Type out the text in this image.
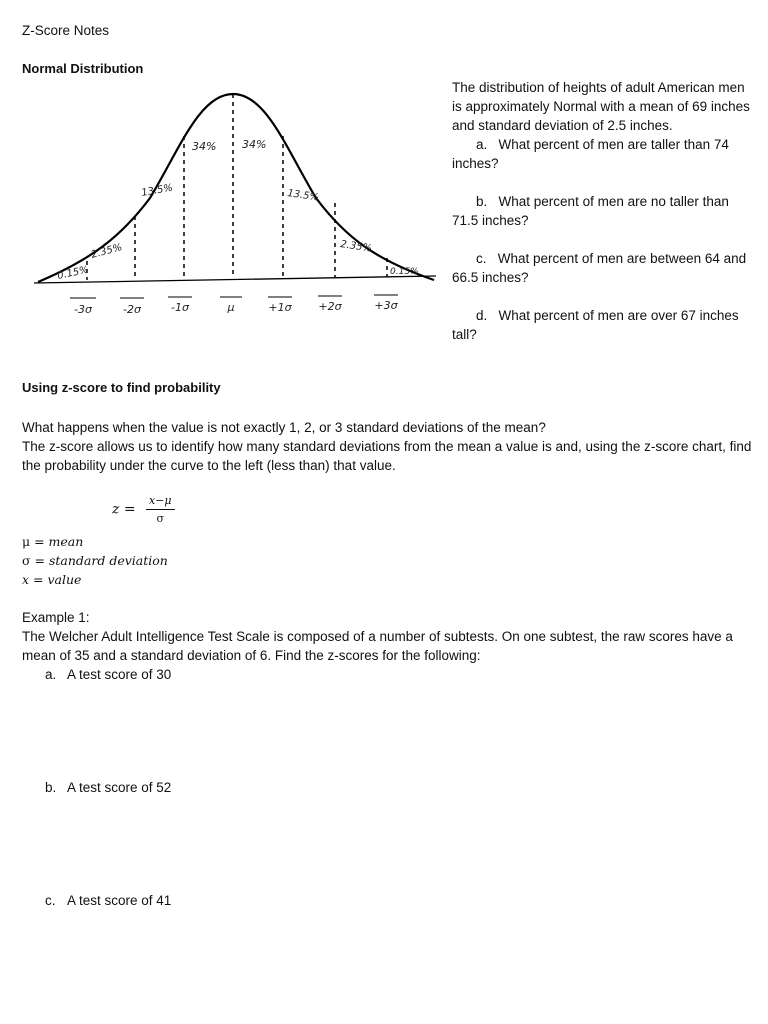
Z-Score Notes
Normal Distribution
0.15%
2.35%
13.5%
34% 34%
13.5%
2.35%
0.15%
-3σ	-2σ	-1σ	μ	+1σ +2σ	+3σ
The distribution of heights of adult American men is approximately Normal with a mean of 69 inches and standard deviation of 2.5 inches.
a. What percent of men are taller than 74 inches?
b. What percent of men are no taller than 71.5 inches?
c. What percent of men are between 64 and 66.5 inches?
d. What percent of men are over 67 inches tall?
Using z-score to find probability
What happens when the value is not exactly 1, 2, or 3 standard deviations of the mean?
The z-score allows us to identify how many standard deviations from the mean a value is and, using the z-score chart, find the probability under the curve to the left (less than) that value.
$z = \frac{x-\mu}{\sigma}$
μ = mean
σ = standard deviation
x = value
Example 1:
The Welcher Adult Intelligence Test Scale is composed of a number of subtests. On one subtest, the raw scores have a mean of 35 and a standard deviation of 6. Find the z-scores for the following:
a. A test score of 30
b. A test score of 52
c. A test score of 41
